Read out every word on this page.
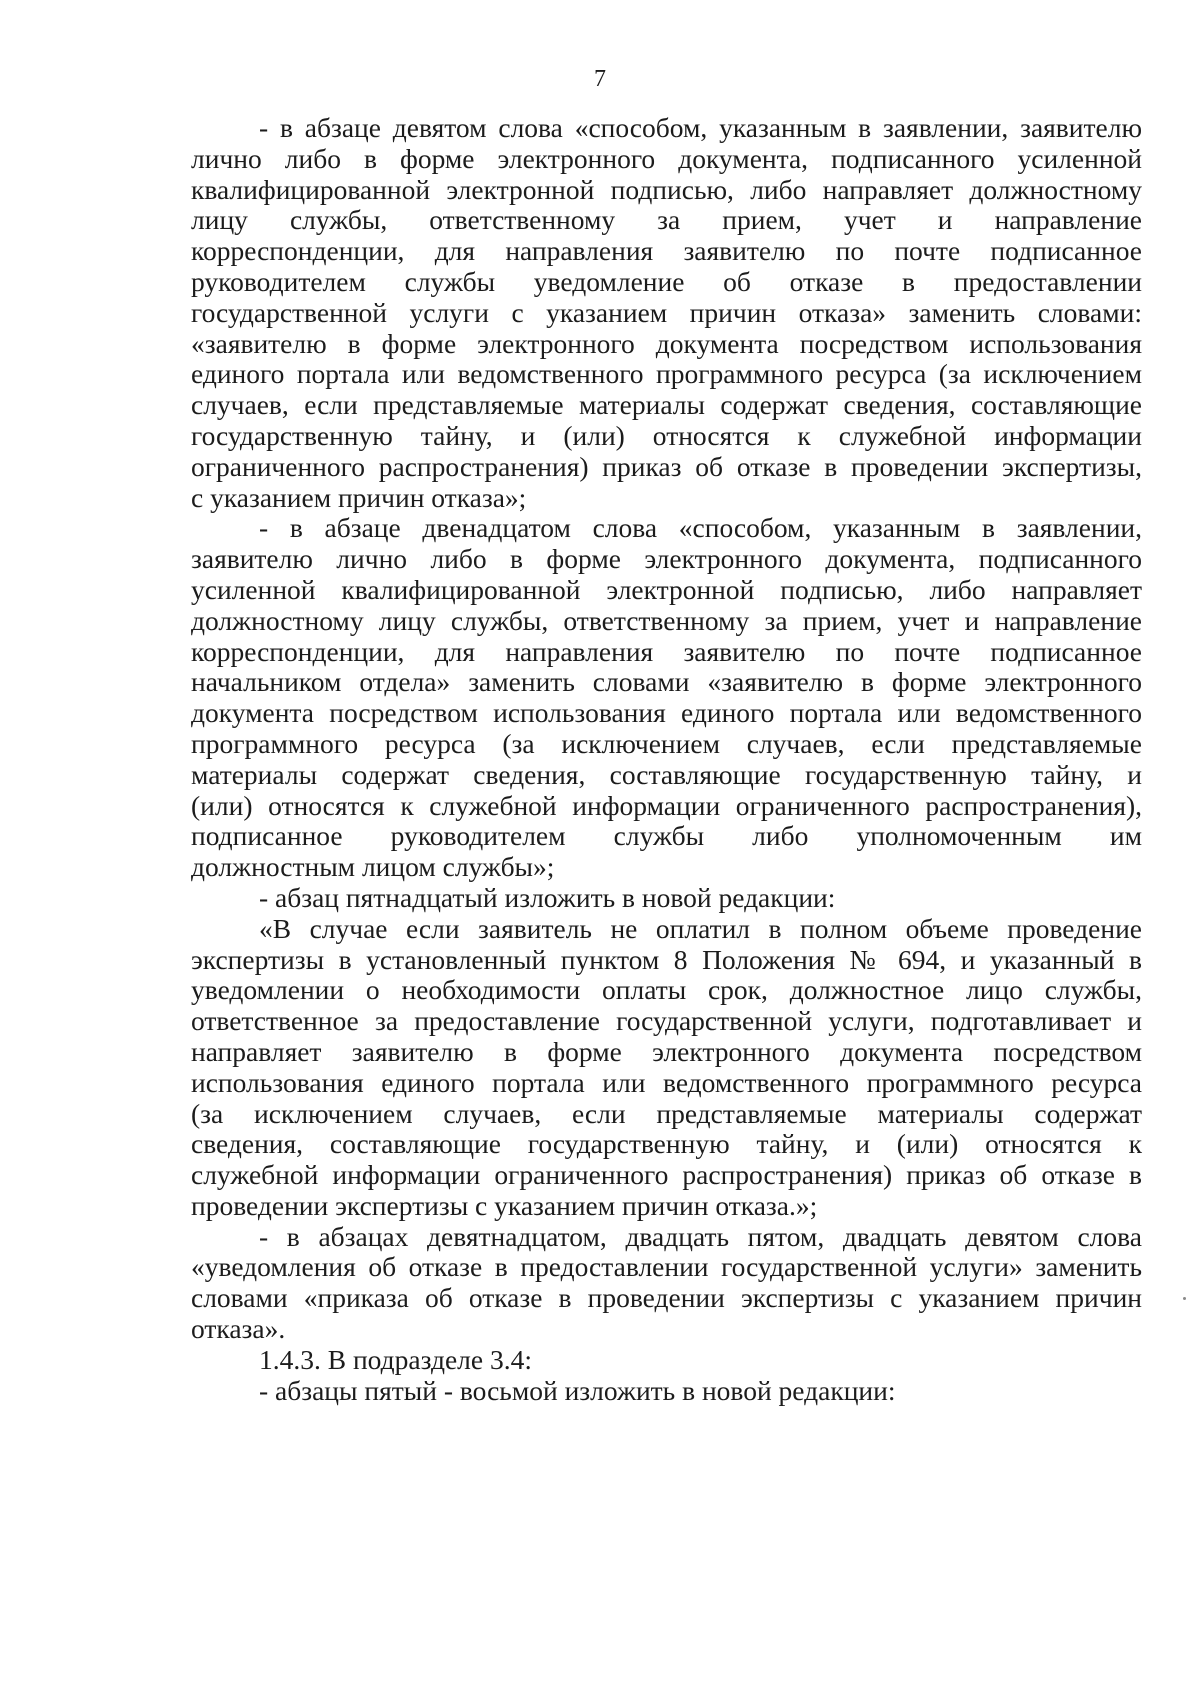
7
- в абзаце девятом слова «способом, указанным в заявлении, заявителю
лично либо в форме электронного документа, подписанного усиленной
квалифицированной электронной подписью, либо направляет должностному
лицу службы, ответственному за прием, учет и направление
корреспонденции, для направления заявителю по почте подписанное
руководителем службы уведомление об отказе в предоставлении
государственной услуги с указанием причин отказа» заменить словами:
«заявителю в форме электронного документа посредством использования
единого портала или ведомственного программного ресурса (за исключением
случаев, если представляемые материалы содержат сведения, составляющие
государственную тайну, и (или) относятся к служебной информации
ограниченного распространения) приказ об отказе в проведении экспертизы,
с указанием причин отказа»;
- в абзаце двенадцатом слова «способом, указанным в заявлении,
заявителю лично либо в форме электронного документа, подписанного
усиленной квалифицированной электронной подписью, либо направляет
должностному лицу службы, ответственному за прием, учет и направление
корреспонденции, для направления заявителю по почте подписанное
начальником отдела» заменить словами «заявителю в форме электронного
документа посредством использования единого портала или ведомственного
программного ресурса (за исключением случаев, если представляемые
материалы содержат сведения, составляющие государственную тайну, и
(или) относятся к служебной информации ограниченного распространения),
подписанное руководителем службы либо уполномоченным им
должностным лицом службы»;
- абзац пятнадцатый изложить в новой редакции:
«В случае если заявитель не оплатил в полном объеме проведение
экспертизы в установленный пунктом 8 Положения № 694, и указанный в
уведомлении о необходимости оплаты срок, должностное лицо службы,
ответственное за предоставление государственной услуги, подготавливает и
направляет заявителю в форме электронного документа посредством
использования единого портала или ведомственного программного ресурса
(за исключением случаев, если представляемые материалы содержат
сведения, составляющие государственную тайну, и (или) относятся к
служебной информации ограниченного распространения) приказ об отказе в
проведении экспертизы с указанием причин отказа.»;
- в абзацах девятнадцатом, двадцать пятом, двадцать девятом слова
«уведомления об отказе в предоставлении государственной услуги» заменить
словами «приказа об отказе в проведении экспертизы с указанием причин
отказа».
1.4.3. В подразделе 3.4:
- абзацы пятый - восьмой изложить в новой редакции:
